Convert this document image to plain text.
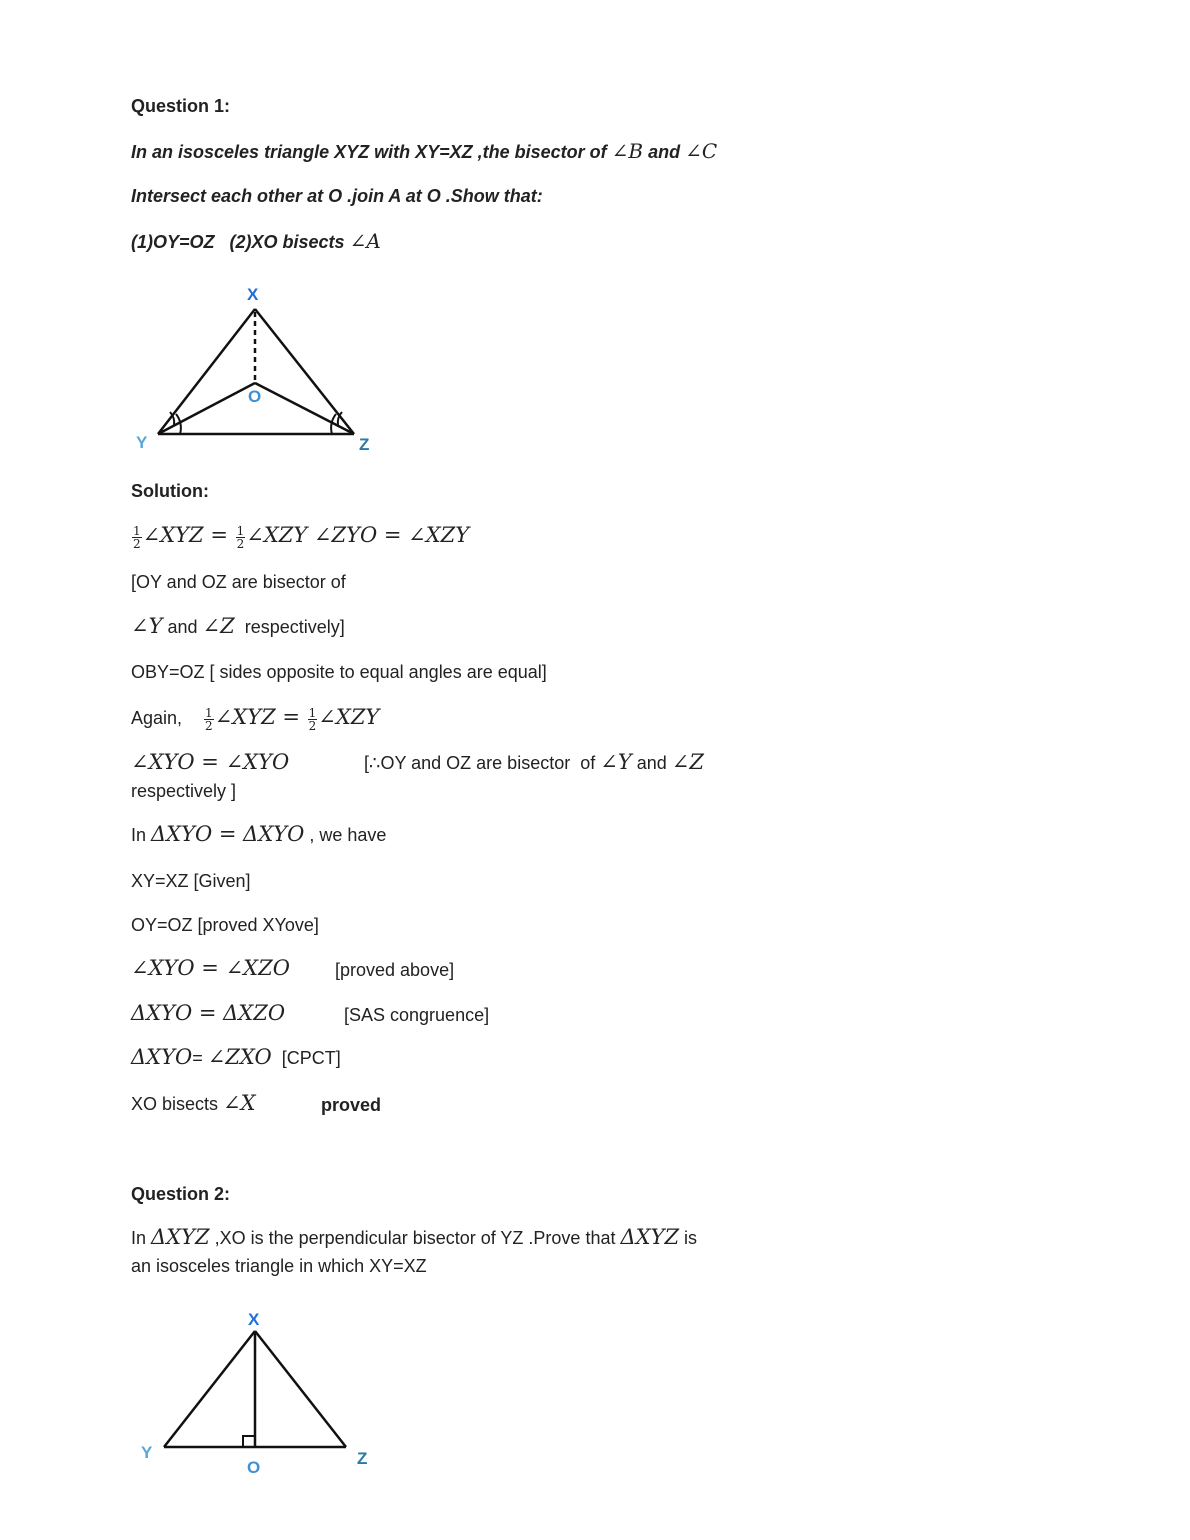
Question 1:
In an isosceles triangle XYZ with XY=XZ ,the bisector of ∠B and ∠C
Intersect each other at O .join A at O .Show that:
(1)OY=OZ   (2)XO bisects ∠A
X
Y	Z
O
Solution:
$\frac{1}{2}$ ∠XYZ = $\frac{1}{2}$ ∠XZY ∠ZYO = ∠XZY
[OY and OZ are bisector of
∠Y and ∠Z  respectively]
OBY=OZ [ sides opposite to equal angles are equal]
Again, $\frac{1}{2}$ ∠XYZ = $\frac{1}{2}$ ∠XZY
∠XYO = ∠XYO	[∴OY and OZ are bisector  of ∠Y and ∠Z
respectively ]
In ΔXYO = ΔXYO , we have
XY=XZ [Given]
OY=OZ [proved XYove]
∠XYO = ∠XZO	[proved above]
ΔXYO = ΔXZO	[SAS congruence]
ΔXYO= ∠ZXO  [CPCT]
XO bisects ∠X	proved
Question 2:
In ΔXYZ ,XO is the perpendicular bisector of YZ .Prove that ΔXYZ is
an isosceles triangle in which XY=XZ
X
Y	Z
O
